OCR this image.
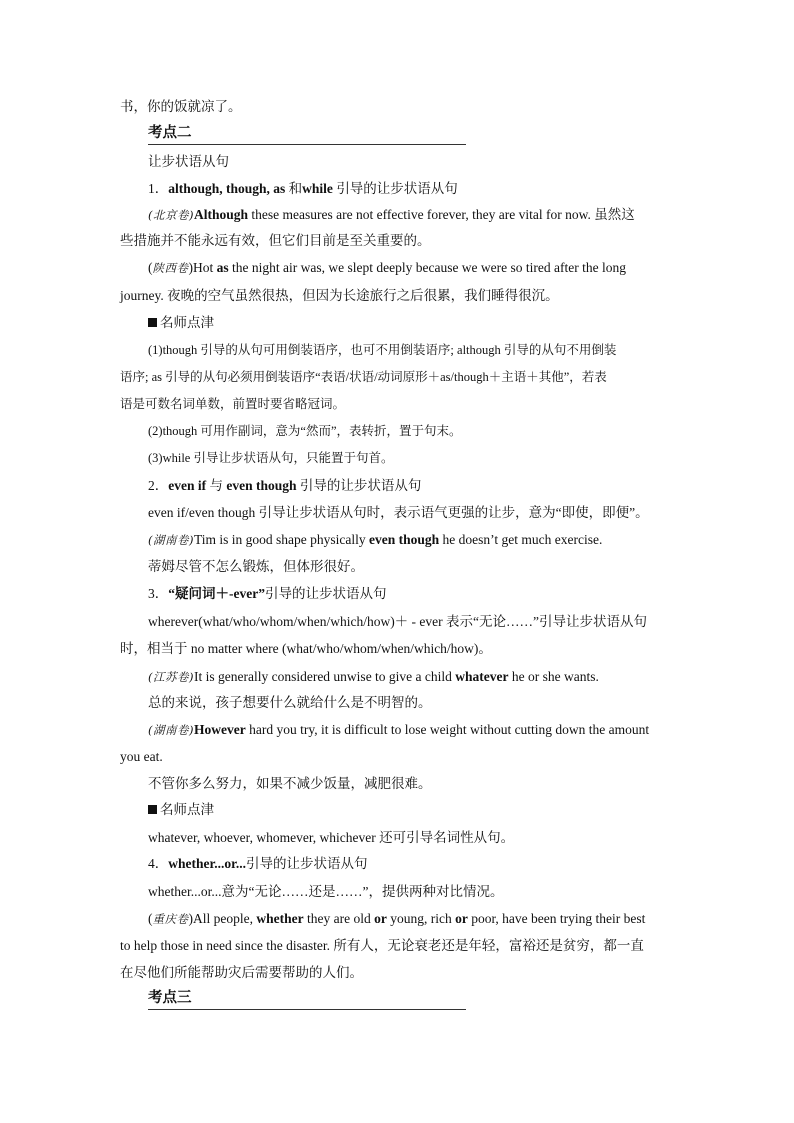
书，你的饭就凉了。
考点二
让步状语从句
1．although, though, as 和while 引导的让步状语从句
(北京卷)Although these measures are not effective forever, they are vital for now. 虽然这
些措施并不能永远有效，但它们目前是至关重要的。
(陕西卷)Hot as the night air was, we slept deeply because we were so tired after the long
journey. 夜晚的空气虽然很热，但因为长途旅行之后很累，我们睡得很沉。
名师点津
(1)though 引导的从句可用倒装语序，也可不用倒装语序; although 引导的从句不用倒装
语序; as 引导的从句必须用倒装语序“表语/状语/动词原形＋as/though＋主语＋其他”，若表
语是可数名词单数，前置时要省略冠词。
(2)though 可用作副词，意为“然而”，表转折，置于句末。
(3)while 引导让步状语从句，只能置于句首。
2．even if 与 even though 引导的让步状语从句
even if/even though 引导让步状语从句时，表示语气更强的让步，意为“即使，即便”。
(湖南卷)Tim is in good shape physically even though he doesn’t get much exercise.
蒂姆尽管不怎么锻炼，但体形很好。
3．“疑问词＋-ever”引导的让步状语从句
wherever(what/who/whom/when/which/how)＋ - ever 表示“无论……”引导让步状语从句
时，相当于 no matter where (what/who/whom/when/which/how)。
(江苏卷)It is generally considered unwise to give a child whatever he or she wants.
总的来说，孩子想要什么就给什么是不明智的。
(湖南卷)However hard you try, it is difficult to lose weight without cutting down the amount
you eat.
不管你多么努力，如果不减少饭量，减肥很难。
名师点津
whatever, whoever, whomever, whichever 还可引导名词性从句。
4．whether...or...引导的让步状语从句
whether...or...意为“无论……还是……”，提供两种对比情况。
(重庆卷)All people, whether they are old or young, rich or poor, have been trying their best
to help those in need since the disaster. 所有人，无论衰老还是年轻，富裕还是贫穷，都一直
在尽他们所能帮助灾后需要帮助的人们。
考点三
